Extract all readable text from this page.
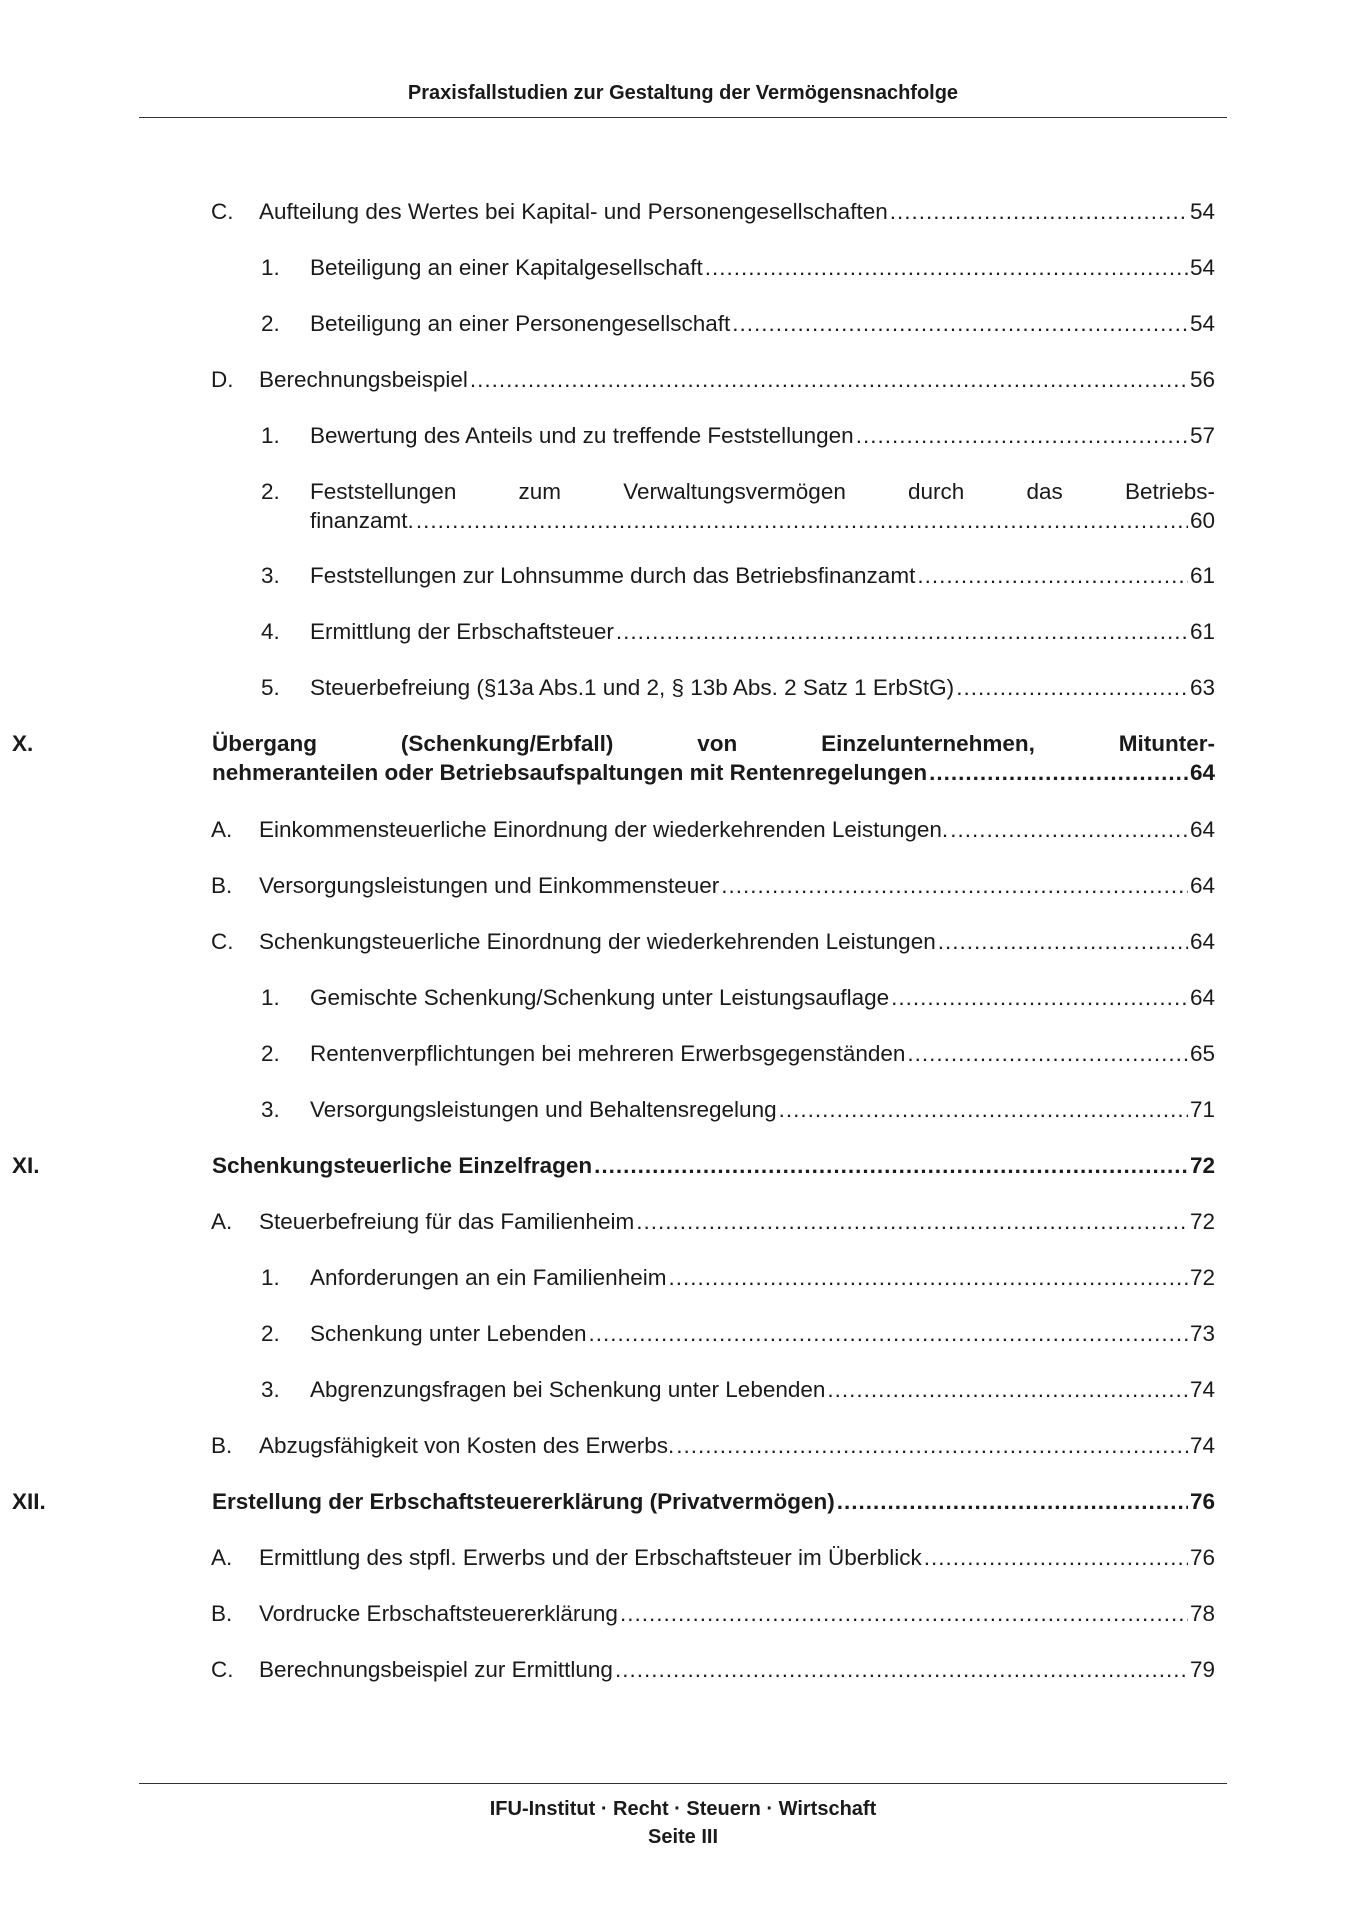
Praxisfallstudien zur Gestaltung der Vermögensnachfolge
C. Aufteilung des Wertes bei Kapital- und Personengesellschaften .....	54
1. Beteiligung an einer Kapitalgesellschaft .....	54
2. Beteiligung an einer Personengesellschaft .....	54
D. Berechnungsbeispiel .....	56
1. Bewertung des Anteils und zu treffende Feststellungen .....	57
2. Feststellungen zum Verwaltungsvermögen durch das Betriebs-
finanzamt. .....	60
3. Feststellungen zur Lohnsumme durch das Betriebsfinanzamt .....	61
4. Ermittlung der Erbschaftsteuer .....	61
5. Steuerbefreiung (§13a Abs.1 und 2, § 13b Abs. 2 Satz 1 ErbStG) .....	63
X.	Übergang (Schenkung/Erbfall) von Einzelunternehmen, Mitunter-
nehmeranteilen oder Betriebsaufspaltungen mit Rentenregelungen .....	64
A. Einkommensteuerliche Einordnung der wiederkehrenden Leistungen. .....	64
B. Versorgungsleistungen und Einkommensteuer .....	64
C. Schenkungsteuerliche Einordnung der wiederkehrenden Leistungen .....	64
1. Gemischte Schenkung/Schenkung unter Leistungsauflage .....	64
2. Rentenverpflichtungen bei mehreren Erwerbsgegenständen .....	65
3. Versorgungsleistungen und Behaltensregelung .....	71
XI.	Schenkungsteuerliche Einzelfragen .....	72
A. Steuerbefreiung für das Familienheim .....	72
1. Anforderungen an ein Familienheim .....	72
2. Schenkung unter Lebenden .....	73
3. Abgrenzungsfragen bei Schenkung unter Lebenden .....	74
B. Abzugsfähigkeit von Kosten des Erwerbs. .....	74
XII.	Erstellung der Erbschaftsteuererklärung (Privatvermögen) .....	76
A. Ermittlung des stpfl. Erwerbs und der Erbschaftsteuer im Überblick .....	76
B. Vordrucke Erbschaftsteuererklärung .....	78
C. Berechnungsbeispiel zur Ermittlung .....	79
IFU-Institut · Recht · Steuern · Wirtschaft
Seite III
